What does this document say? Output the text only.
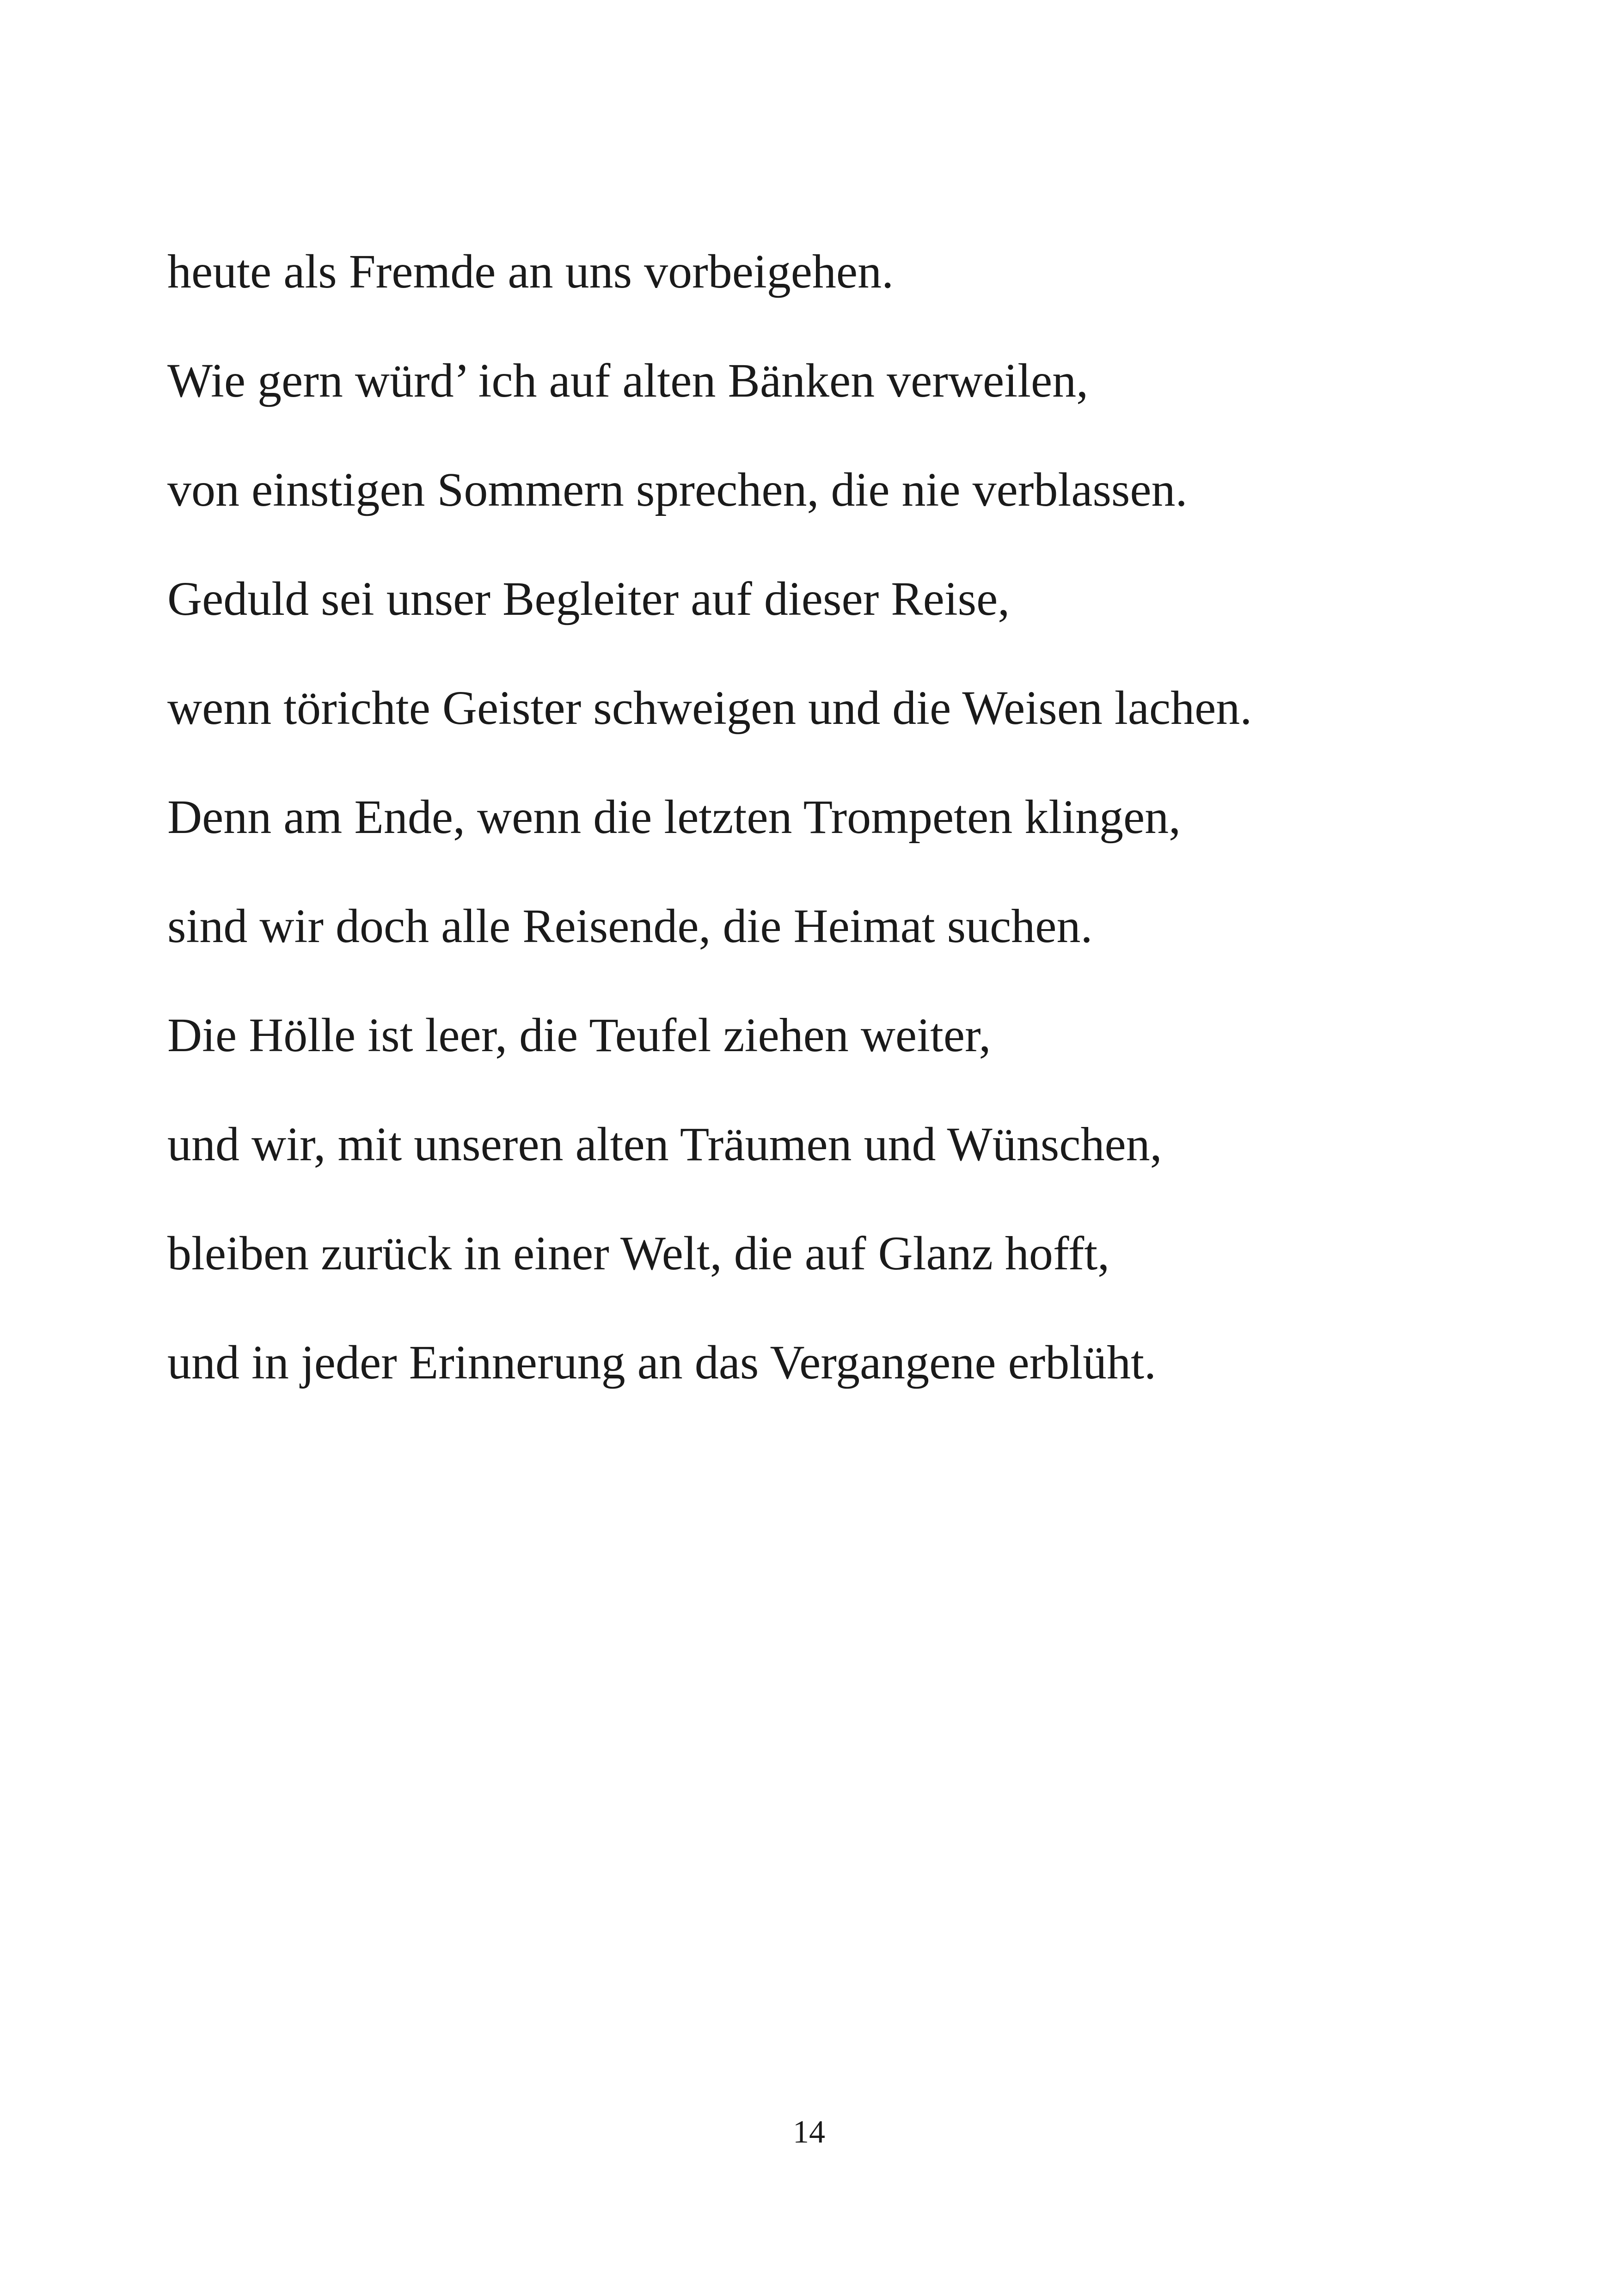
heute als Fremde an uns vorbeigehen.
Wie gern würd’ ich auf alten Bänken verweilen,
von einstigen Sommern sprechen, die nie verblassen.
Geduld sei unser Begleiter auf dieser Reise,
wenn törichte Geister schweigen und die Weisen lachen.
Denn am Ende, wenn die letzten Trompeten klingen,
sind wir doch alle Reisende, die Heimat suchen.
Die Hölle ist leer, die Teufel ziehen weiter,
und wir, mit unseren alten Träumen und Wünschen,
bleiben zurück in einer Welt, die auf Glanz hofft,
und in jeder Erinnerung an das Vergangene erblüht.
14
